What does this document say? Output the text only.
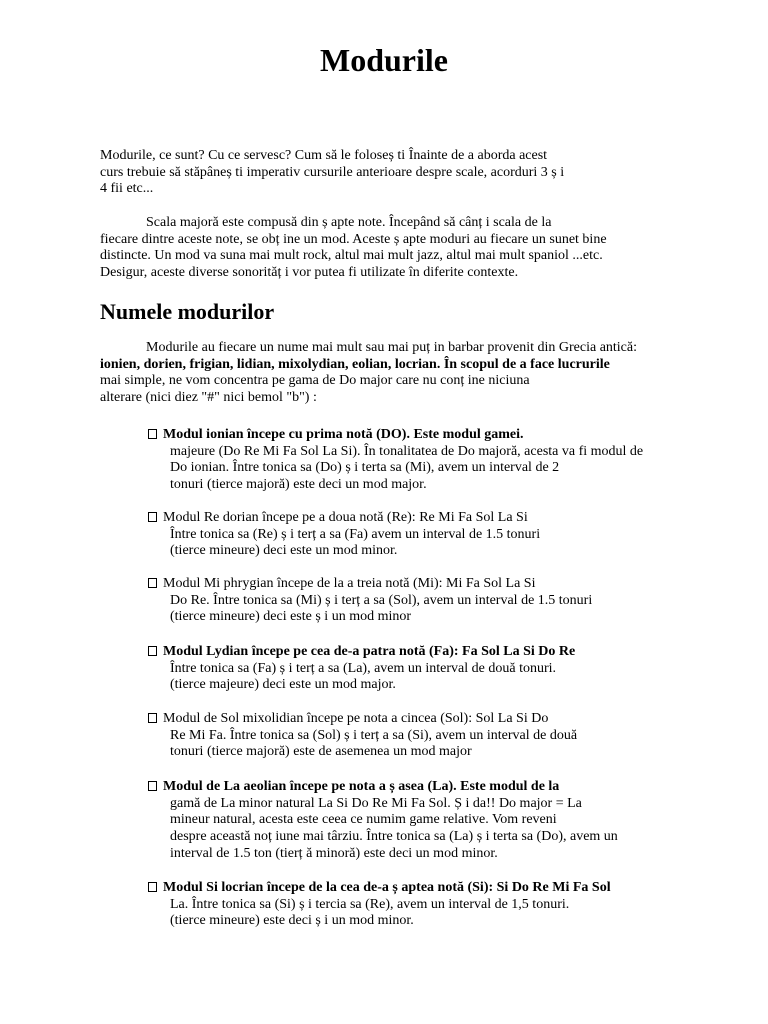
Modurile
Modurile, ce sunt? Cu ce servesc? Cum să le foloseș ti Înainte de a aborda acest
curs trebuie să stăpâneș ti imperativ cursurile anterioare despre scale, acorduri 3 ș i
4 fii etc...
Scala majoră este compusă din ș apte note. Începând să cânț i scala de la
fiecare dintre aceste note, se obț ine un mod. Aceste ș apte moduri au fiecare un sunet bine
distincte. Un mod va suna mai mult rock, altul mai mult jazz, altul mai mult spaniol ...etc.
Desigur, aceste diverse sonorităț i vor putea fi utilizate în diferite contexte.
Numele modurilor
Modurile au fiecare un nume mai mult sau mai puț in barbar provenit din Grecia antică:
ionien, dorien, frigian, lidian, mixolydian, eolian, locrian. În scopul de a face lucrurile
mai simple, ne vom concentra pe gama de Do major care nu conț ine niciuna
alterare (nici diez "#" nici bemol "b") :
Modul ionian începe cu prima notă (DO). Este modul gamei.
majeure (Do Re Mi Fa Sol La Si). În tonalitatea de Do majoră, acesta va fi modul de
Do ionian. Între tonica sa (Do) ș i terta sa (Mi), avem un interval de 2
tonuri (tierce majoră) este deci un mod major.
Modul Re dorian începe pe a doua notă (Re): Re Mi Fa Sol La Si
Între tonica sa (Re) ș i terț a sa (Fa) avem un interval de 1.5 tonuri
(tierce mineure) deci este un mod minor.
Modul Mi phrygian începe de la a treia notă (Mi): Mi Fa Sol La Si
Do Re. Între tonica sa (Mi) ș i terț a sa (Sol), avem un interval de 1.5 tonuri
(tierce mineure) deci este ș i un mod minor
Modul Lydian începe pe cea de-a patra notă (Fa): Fa Sol La Si Do Re
Între tonica sa (Fa) ș i terț a sa (La), avem un interval de două tonuri.
(tierce majeure) deci este un mod major.
Modul de Sol mixolidian începe pe nota a cincea (Sol): Sol La Si Do
Re Mi Fa. Între tonica sa (Sol) ș i terț a sa (Si), avem un interval de două
tonuri (tierce majoră) este de asemenea un mod major
Modul de La aeolian începe pe nota a ș asea (La). Este modul de la
gamă de La minor natural La Si Do Re Mi Fa Sol. Ș i da!! Do major = La
mineur natural, acesta este ceea ce numim game relative. Vom reveni
despre această noț iune mai târziu. Între tonica sa (La) ș i terta sa (Do), avem un
interval de 1.5 ton (tierț ă minoră) este deci un mod minor.
Modul Si locrian începe de la cea de-a ș aptea notă (Si): Si Do Re Mi Fa Sol
La. Între tonica sa (Si) ș i tercia sa (Re), avem un interval de 1,5 tonuri.
(tierce mineure) este deci ș i un mod minor.
